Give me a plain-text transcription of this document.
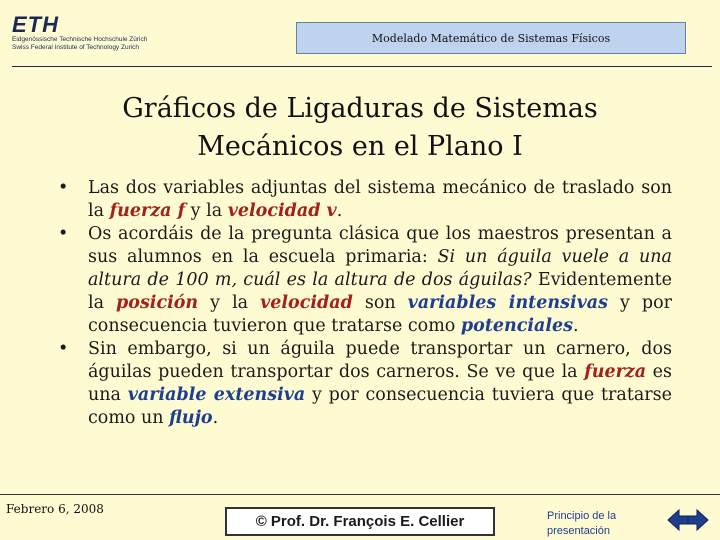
ETH
Eidgenössische Technische Hochschule Zürich
Swiss Federal Institute of Technology Zurich
Modelado Matemático de Sistemas Físicos
Gráficos de Ligaduras de Sistemas
Mecánicos en el Plano I
• Las dos variables adjuntas del sistema mecánico de traslado son la fuerza f y la velocidad v.
• Os acordáis de la pregunta clásica que los maestros presentan a sus alumnos en la escuela primaria: Si un águila vuele a una altura de 100 m, cuál es la altura de dos águilas? Evidentemente la posición y la velocidad son variables intensivas y por consecuencia tuvieron que tratarse como potenciales.
• Sin embargo, si un águila puede transportar un carnero, dos águilas pueden transportar dos carneros. Se ve que la fuerza es una variable extensiva y por consecuencia tuviera que tratarse como un flujo.
Febrero 6, 2008
© Prof. Dr. François E. Cellier	Principio de la presentación
